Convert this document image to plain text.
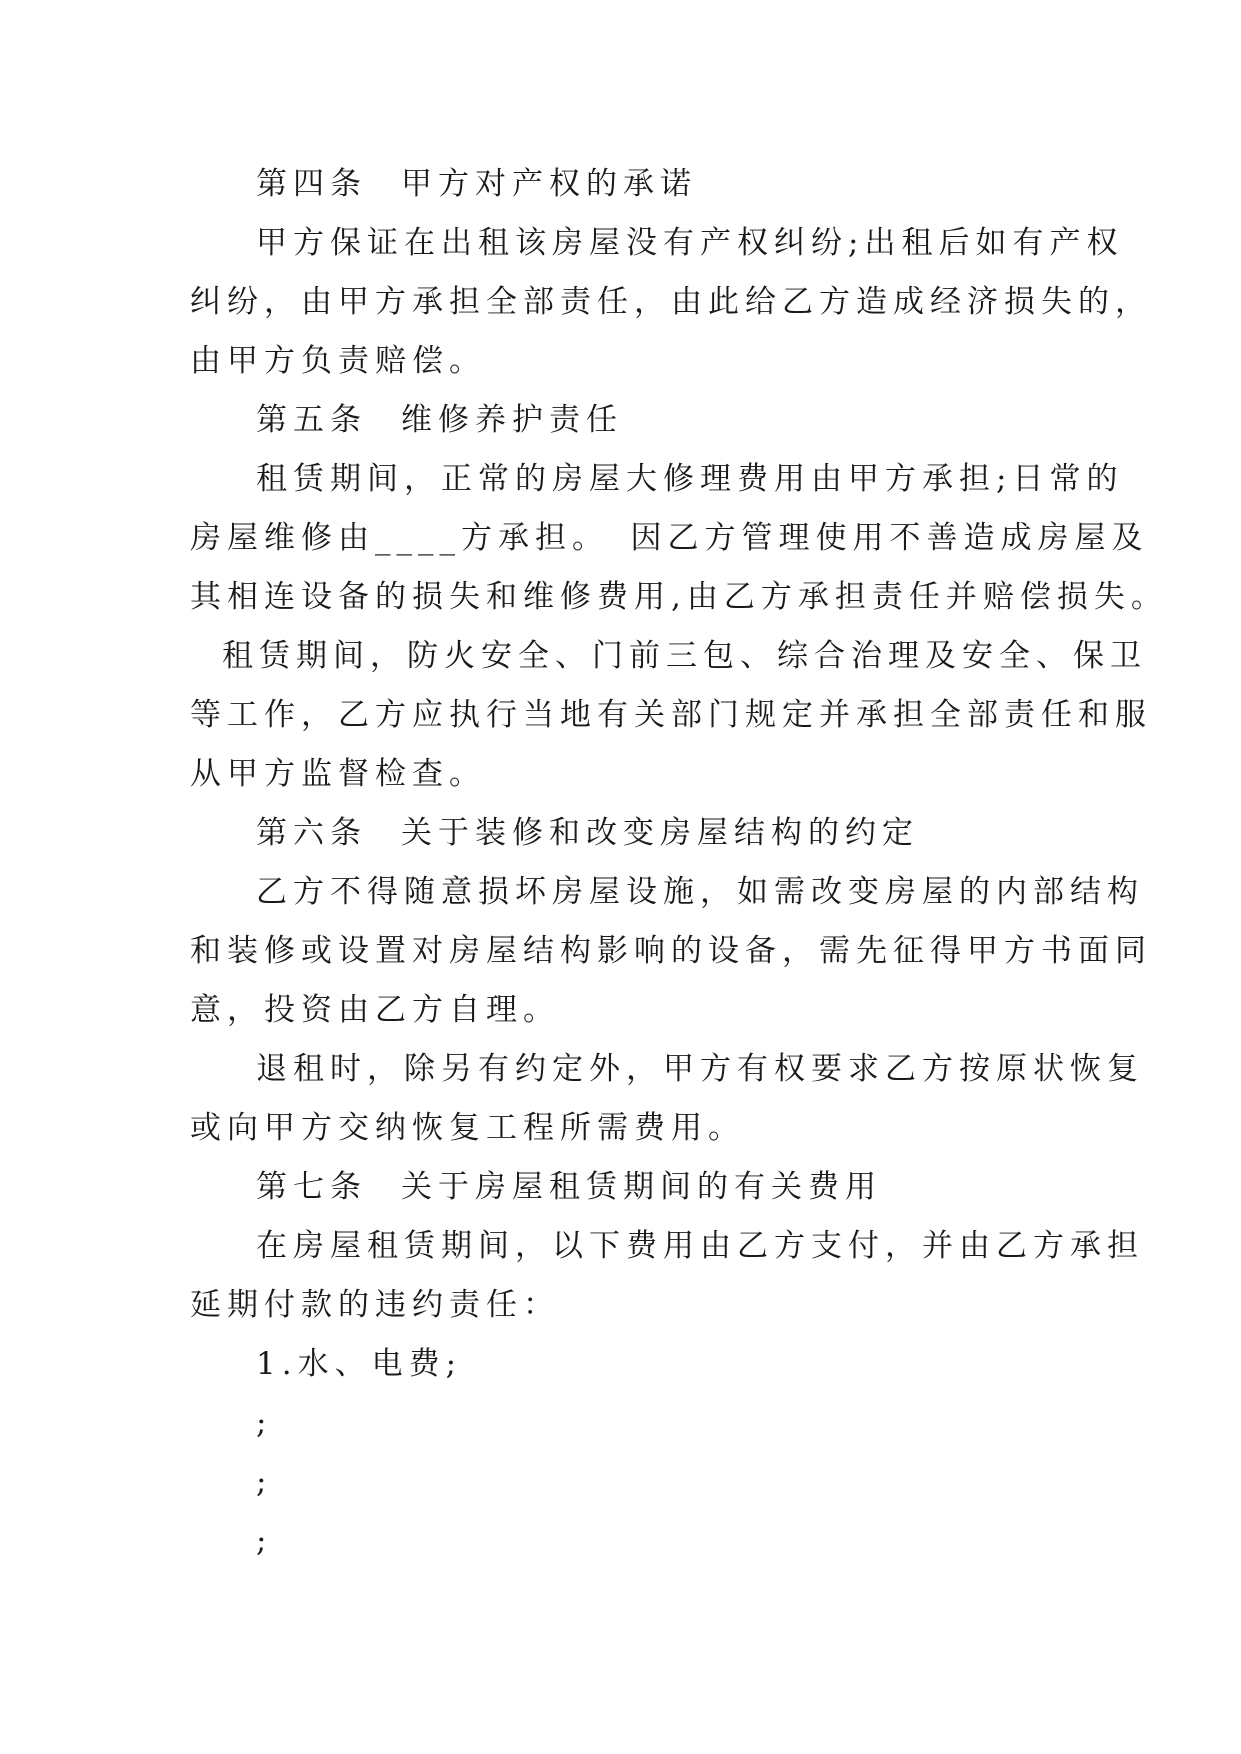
第四条 甲方对产权的承诺
甲方保证在出租该房屋没有产权纠纷;出租后如有产权
纠纷，由甲方承担全部责任，由此给乙方造成经济损失的，
由甲方负责赔偿。
第五条 维修养护责任
租赁期间，正常的房屋大修理费用由甲方承担;日常的
房屋维修由____方承担。　因乙方管理使用不善造成房屋及
其相连设备的损失和维修费用,由乙方承担责任并赔偿损失。
租赁期间，防火安全、门前三包、综合治理及安全、保卫
等工作，乙方应执行当地有关部门规定并承担全部责任和服
从甲方监督检查。
第六条 关于装修和改变房屋结构的约定
乙方不得随意损坏房屋设施，如需改变房屋的内部结构
和装修或设置对房屋结构影响的设备，需先征得甲方书面同
意，投资由乙方自理。
退租时，除另有约定外，甲方有权要求乙方按原状恢复
或向甲方交纳恢复工程所需费用。
第七条 关于房屋租赁期间的有关费用
在房屋租赁期间，以下费用由乙方支付，并由乙方承担
延期付款的违约责任：
1.水、电费;
;
;
;
